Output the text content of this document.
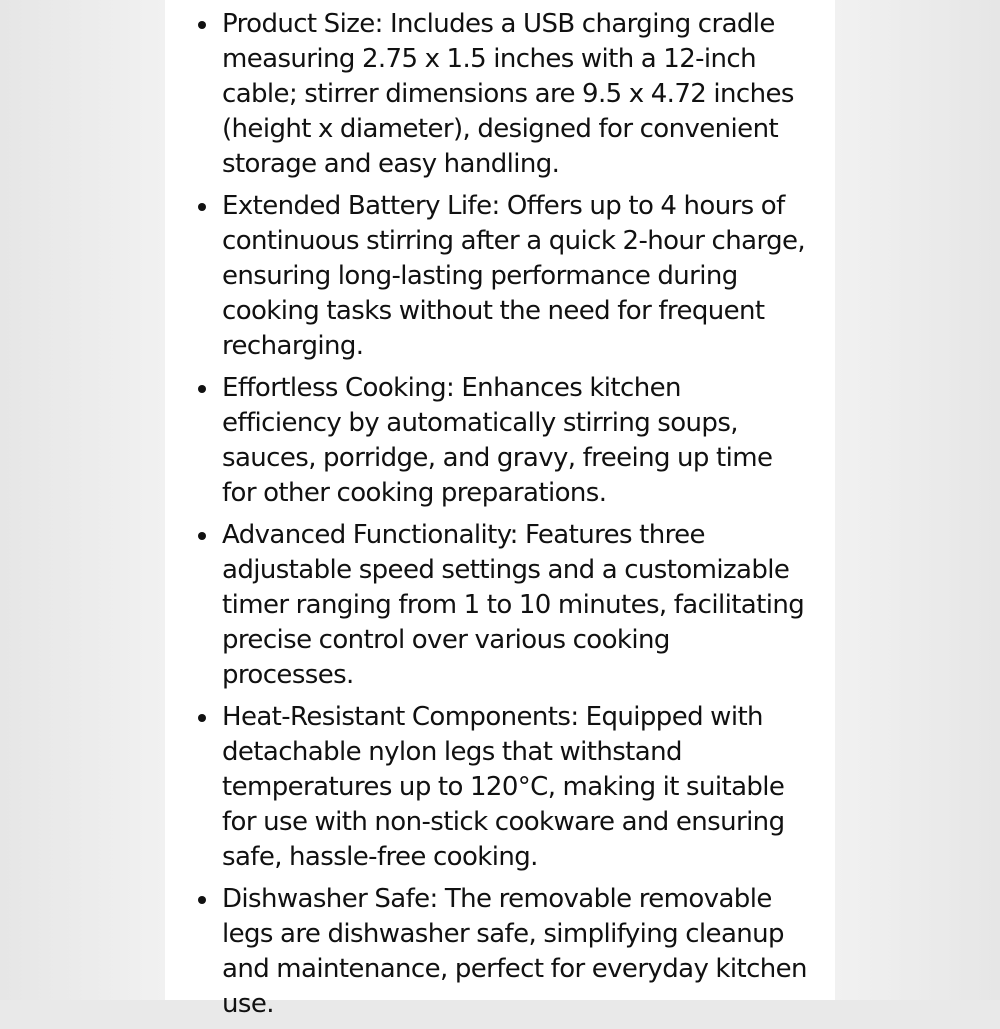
Product Size: Includes a USB charging cradle measuring 2.75 x 1.5 inches with a 12-inch cable; stirrer dimensions are 9.5 x 4.72 inches (height x diameter), designed for convenient storage and easy handling.
Extended Battery Life: Offers up to 4 hours of continuous stirring after a quick 2-hour charge, ensuring long-lasting performance during cooking tasks without the need for frequent recharging.
Effortless Cooking: Enhances kitchen efficiency by automatically stirring soups, sauces, porridge, and gravy, freeing up time for other cooking preparations.
Advanced Functionality: Features three adjustable speed settings and a customizable timer ranging from 1 to 10 minutes, facilitating precise control over various cooking processes.
Heat-Resistant Components: Equipped with detachable nylon legs that withstand temperatures up to 120°C, making it suitable for use with non-stick cookware and ensuring safe, hassle-free cooking.
Dishwasher Safe: The removable removable legs are dishwasher safe, simplifying cleanup and maintenance, perfect for everyday kitchen use.
